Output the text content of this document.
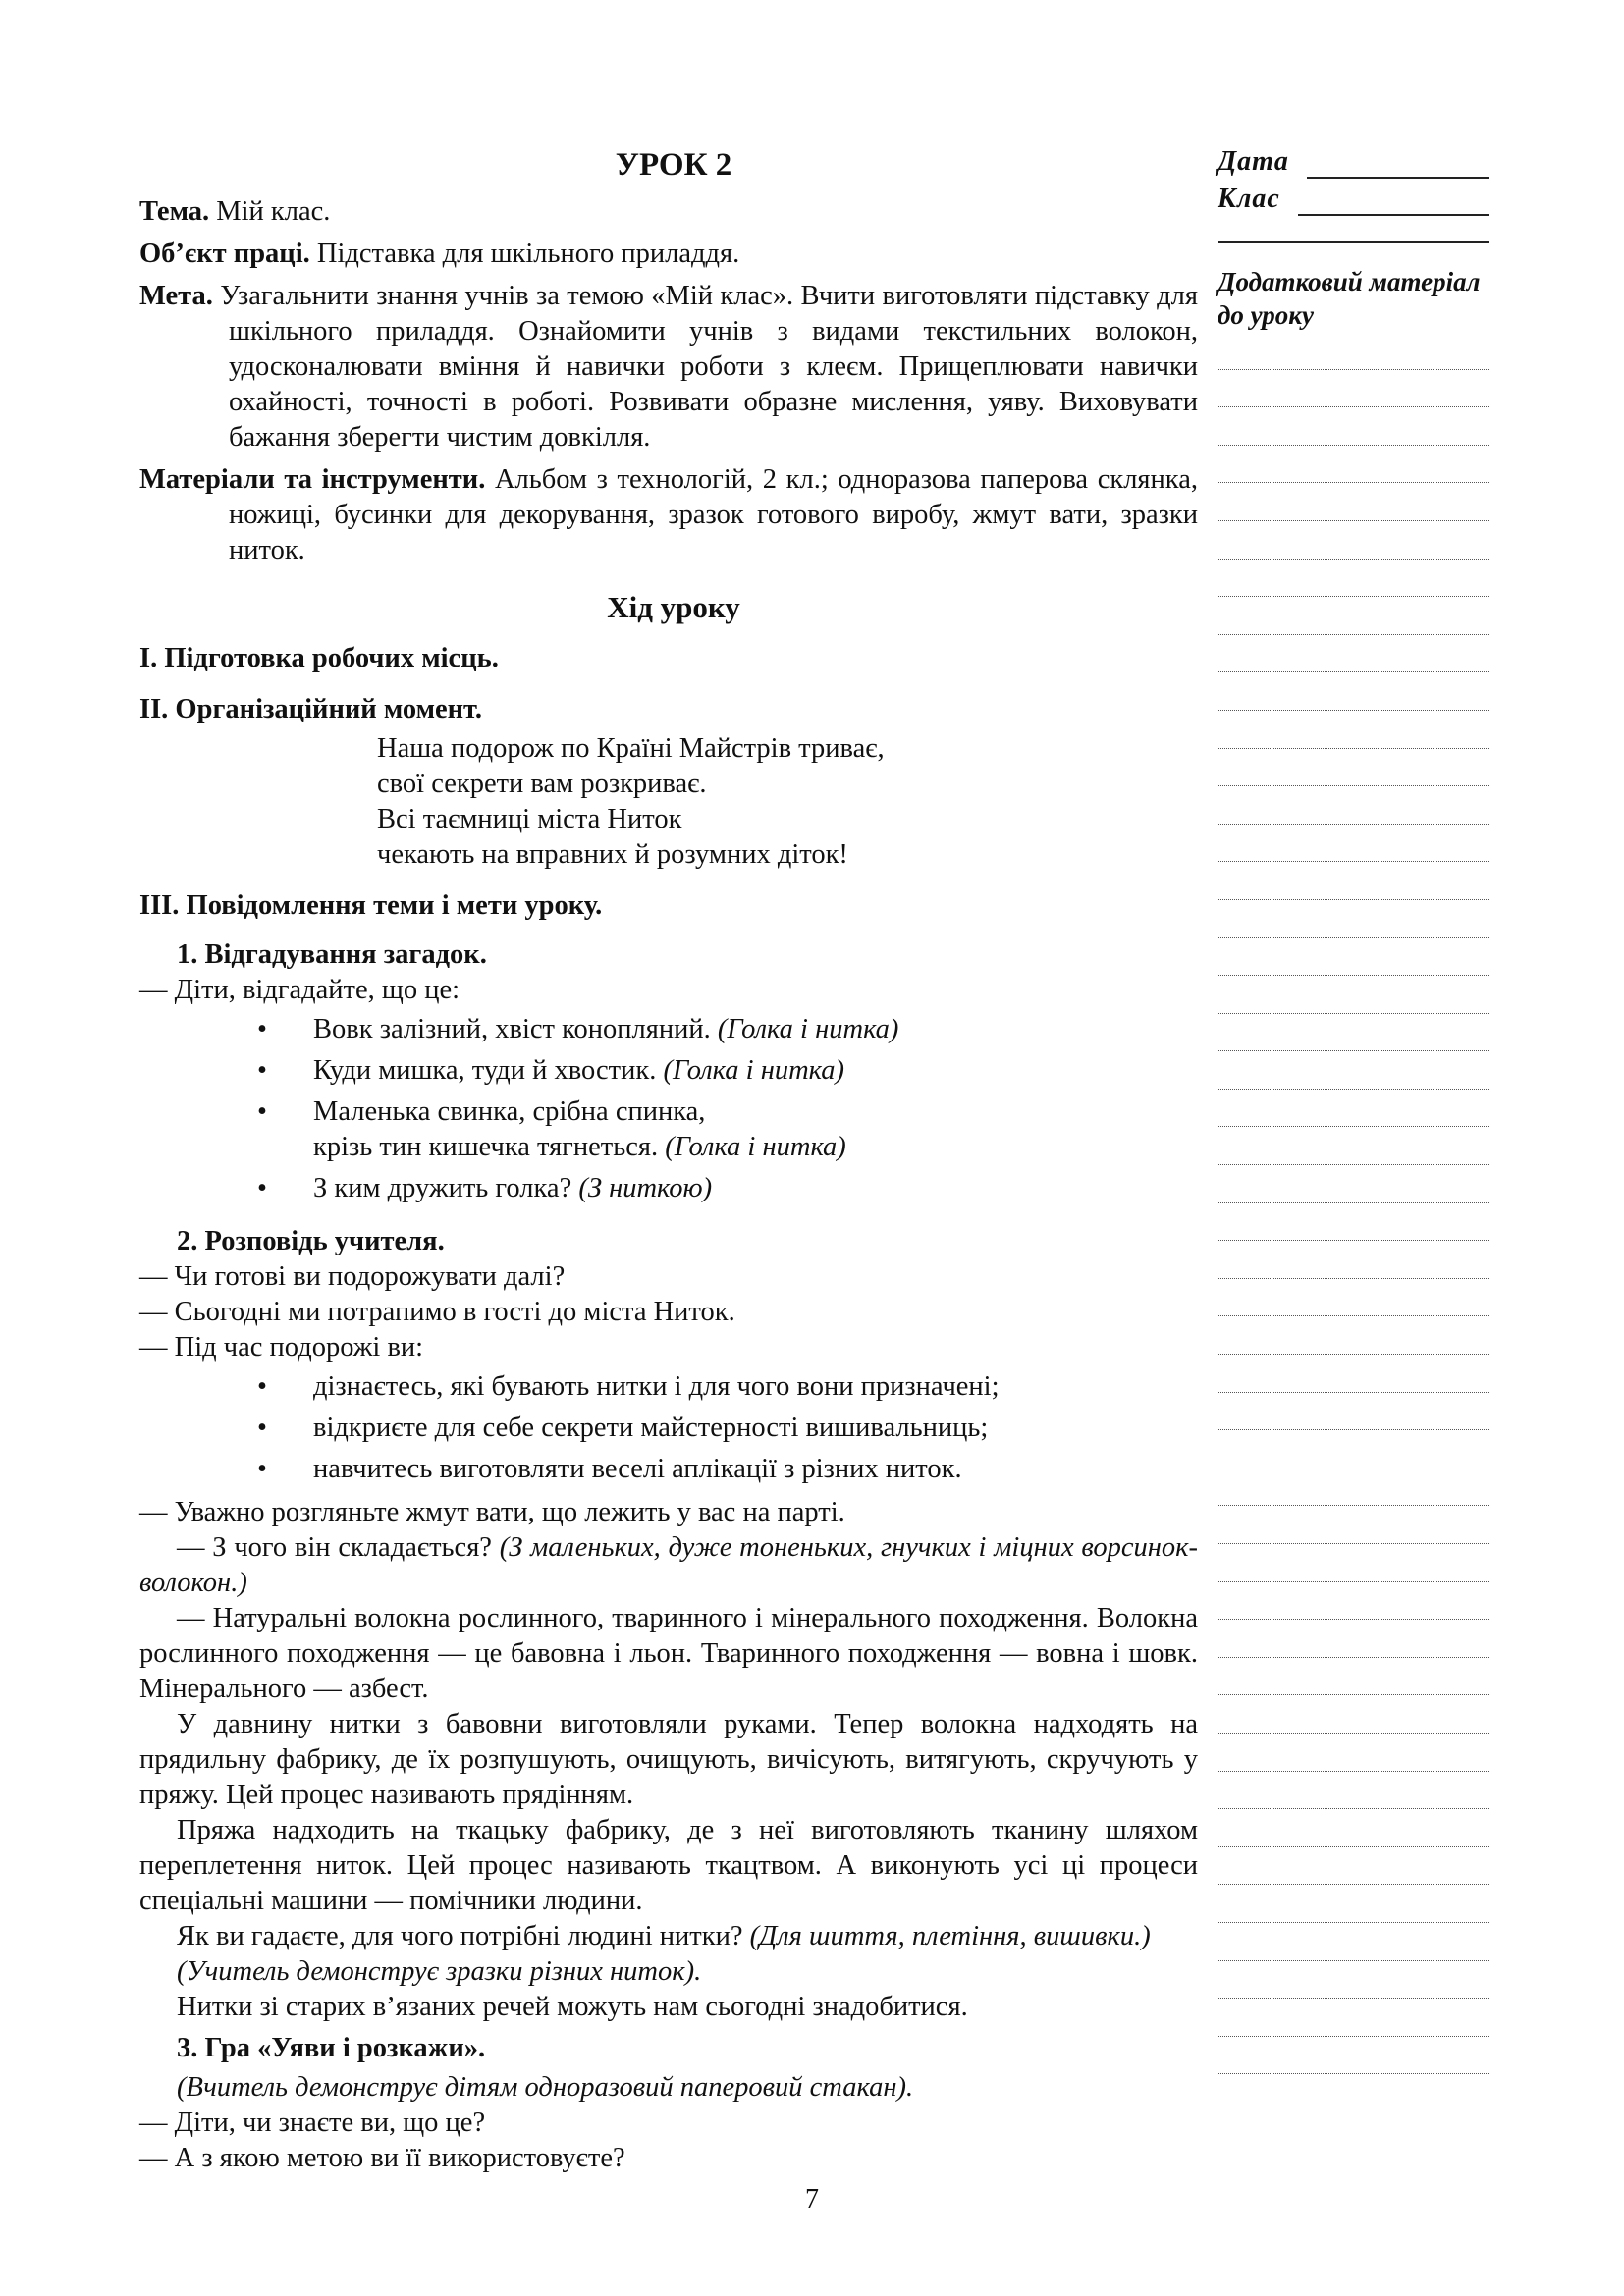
УРОК 2

Тема. Мій клас.

Об’єкт праці. Підставка для шкільного приладдя.

Мета. Узагальнити знання учнів за темою «Мій клас». Вчити виготовляти підставку для шкільного приладдя. Ознайомити учнів з видами текстильних волокон, удосконалювати вміння й навички роботи з клеєм. Прищеплювати навички охайності, точності в роботі. Розвивати образне мислення, уяву. Виховувати бажання зберегти чистим довкілля.

Матеріали та інструменти. Альбом з технологій, 2 кл.; одноразова паперова склянка, ножиці, бусинки для декорування, зразок готового виробу, жмут вати, зразки ниток.

Хід уроку
I. Підготовка робочих місць.
II. Організаційний момент.
Наша подорож по Країні Майстрів триває,
свої секрети вам розкриває.
Всі таємниці міста Ниток
чекають на вправних й розумних діток!
III. Повідомлення теми і мети уроку.
1. Відгадування загадок.
— Діти, відгадайте, що це:
• Вовк залізний, хвіст конопляний. (Голка і нитка)
• Куди мишка, туди й хвостик. (Голка і нитка)
• Маленька свинка, срібна спинка,
крізь тин кишечка тягнеться. (Голка і нитка)
• З ким дружить голка? (З ниткою)
2. Розповідь учителя.
— Чи готові ви подорожувати далі?
— Сьогодні ми потрапимо в гості до міста Ниток.
— Під час подорожі ви:
• дізнаєтесь, які бувають нитки і для чого вони призначені;
• відкриєте для себе секрети майстерності вишивальниць;
• навчитесь виготовляти веселі аплікації з різних ниток.
— Уважно розгляньте жмут вати, що лежить у вас на парті.
— З чого він складається? (З маленьких, дуже тоненьких, гнучких і міцних ворсинок-волокон.)
— Натуральні волокна рослинного, тваринного і мінерального походження. Волокна рослинного походження — це бавовна і льон. Тваринного походження — вовна і шовк. Мінерального — азбест.
У давнину нитки з бавовни виготовляли руками. Тепер волокна надходять на прядильну фабрику, де їх розпушують, очищують, вичісують, витягують, скручують у пряжу. Цей процес називають прядінням.
Пряжа надходить на ткацьку фабрику, де з неї виготовляють тканину шляхом переплетення ниток. Цей процес називають ткацтвом. А виконують усі ці процеси спеціальні машини — помічники людини.
Як ви гадаєте, для чого потрібні людині нитки? (Для шиття, плетіння, вишивки.)
(Учитель демонструє зразки різних ниток).
Нитки зі старих в’язаних речей можуть нам сьогодні знадобитися.
3. Гра «Уяви і розкажи».
(Вчитель демонструє дітям одноразовий паперовий стакан).
— Діти, чи знаєте ви, що це?
— А з якою метою ви її використовуєте?
Дата
Клас
Додатковий матеріал до уроку
7
